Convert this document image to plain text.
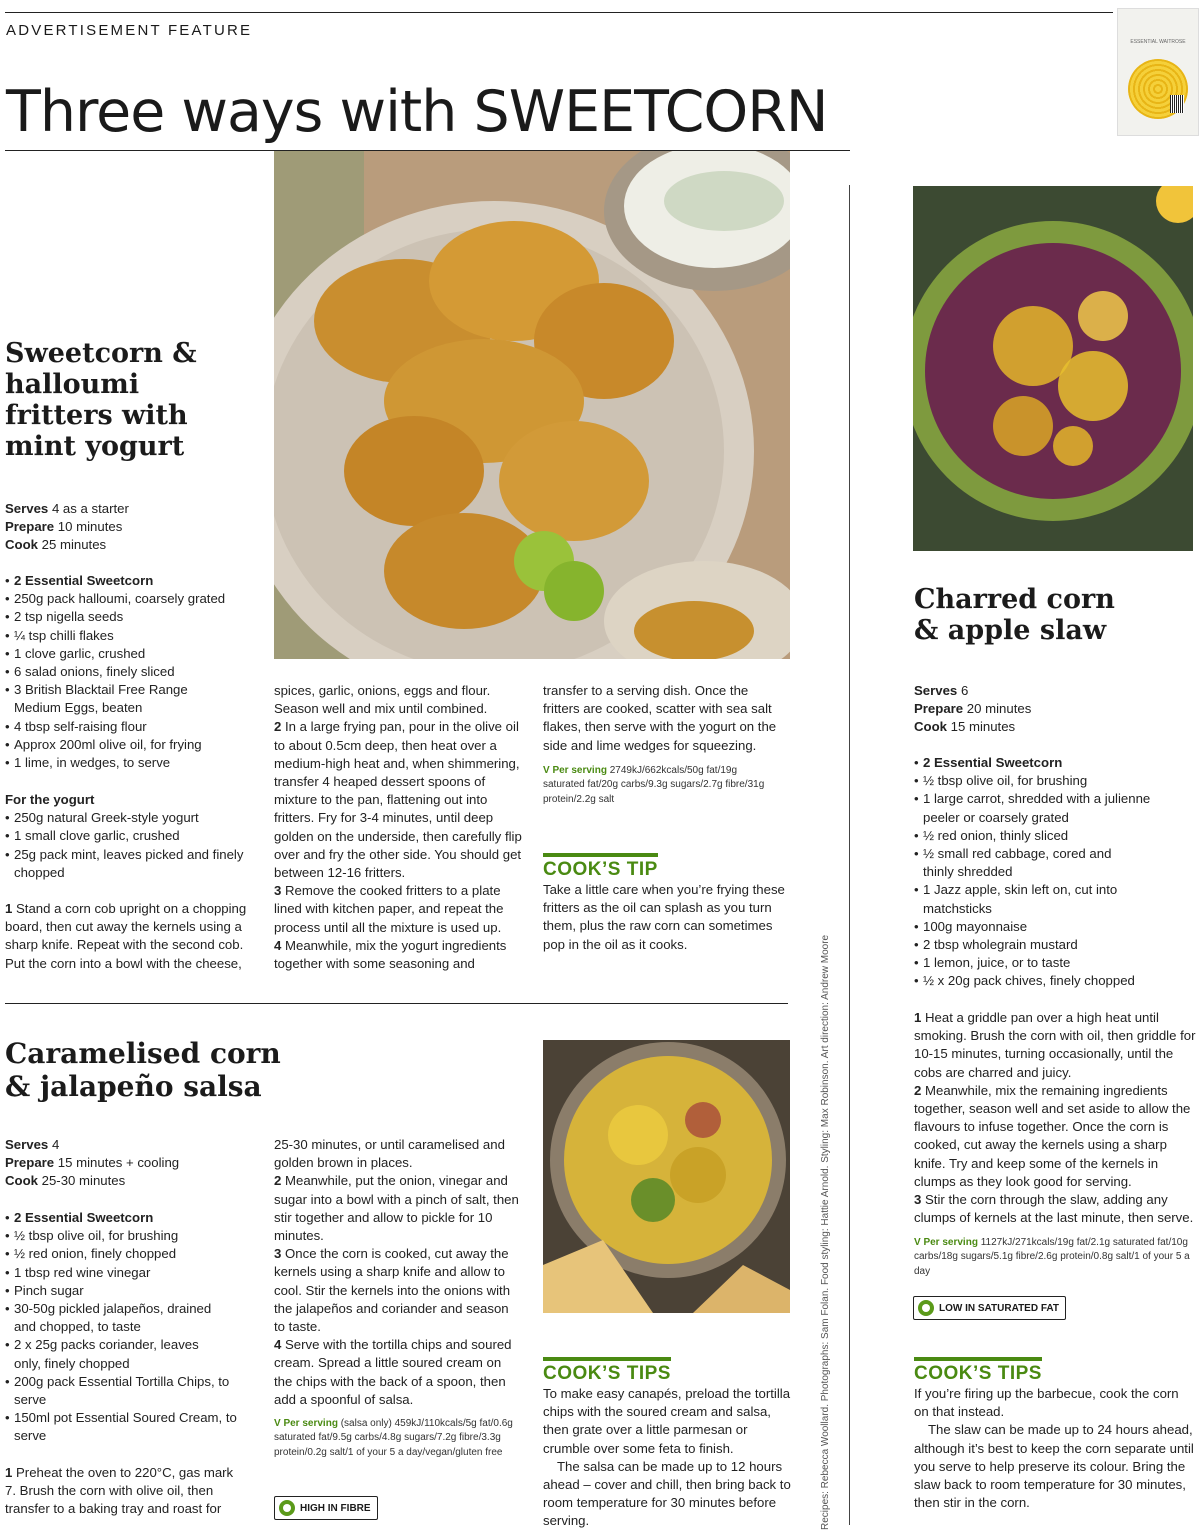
ADVERTISEMENT FEATURE
Three ways with SWEETCORN
ESSENTIAL WAITROSE
Sweetcorn & halloumi fritters with mint yogurt

Serves 4 as a starter

Prepare 10 minutes

Cook 25 minutes

• 2 Essential Sweetcorn
• 250g pack halloumi, coarsely grated
• 2 tsp nigella seeds
• ¼ tsp chilli flakes
• 1 clove garlic, crushed
• 6 salad onions, finely sliced
• 3 British Blacktail Free Range Medium Eggs, beaten
• 4 tbsp self-raising flour
• Approx 200ml olive oil, for frying
• 1 lime, in wedges, to serve

For the yogurt

• 250g natural Greek-style yogurt
• 1 small clove garlic, crushed
• 25g pack mint, leaves picked and finely chopped

1 Stand a corn cob upright on a chopping board, then cut away the kernels using a sharp knife. Repeat with the second cob. Put the corn into a bowl with the cheese,

spices, garlic, onions, eggs and flour. Season well and mix until combined.

2 In a large frying pan, pour in the olive oil to about 0.5cm deep, then heat over a medium-high heat and, when shimmering, transfer 4 heaped dessert spoons of mixture to the pan, flattening out into fritters. Fry for 3-4 minutes, until deep golden on the underside, then carefully flip over and fry the other side. You should get between 12-16 fritters.

3 Remove the cooked fritters to a plate lined with kitchen paper, and repeat the process until all the mixture is used up.

4 Meanwhile, mix the yogurt ingredients together with some seasoning and

transfer to a serving dish. Once the fritters are cooked, scatter with sea salt flakes, then serve with the yogurt on the side and lime wedges for squeezing.

V Per serving 2749kJ/662kcals/50g fat/19g saturated fat/20g carbs/9.3g sugars/2.7g fibre/31g protein/2.2g salt
COOK’S TIP
Take a little care when you’re frying these fritters as the oil can splash as you turn them, plus the raw corn can sometimes pop in the oil as it cooks.
Charred corn & apple slaw

Serves 6

Prepare 20 minutes

Cook 15 minutes

• 2 Essential Sweetcorn
• ½ tbsp olive oil, for brushing
• 1 large carrot, shredded with a julienne peeler or coarsely grated
• ½ red onion, thinly sliced
• ½ small red cabbage, cored and thinly shredded
• 1 Jazz apple, skin left on, cut into matchsticks
• 100g mayonnaise
• 2 tbsp wholegrain mustard
• 1 lemon, juice, or to taste
• ½ x 20g pack chives, finely chopped

1 Heat a griddle pan over a high heat until smoking. Brush the corn with oil, then griddle for 10-15 minutes, turning occasionally, until the cobs are charred and juicy.

2 Meanwhile, mix the remaining ingredients together, season well and set aside to allow the flavours to infuse together. Once the corn is cooked, cut away the kernels using a sharp knife. Try and keep some of the kernels in clumps as they look good for serving.

3 Stir the corn through the slaw, adding any clumps of kernels at the last minute, then serve.

V Per serving 1127kJ/271kcals/19g fat/2.1g saturated fat/10g carbs/18g sugars/5.1g fibre/2.6g protein/0.8g salt/1 of your 5 a day
LOW IN SATURATED FAT
COOK’S TIPS
If you’re firing up the barbecue, cook the corn on that instead.
The slaw can be made up to 24 hours ahead, although it’s best to keep the corn separate until you serve to help preserve its colour. Bring the slaw back to room temperature for 30 minutes, then stir in the corn.
Caramelised corn & jalapeño salsa

Serves 4

Prepare 15 minutes + cooling

Cook 25-30 minutes

• 2 Essential Sweetcorn
• ½ tbsp olive oil, for brushing
• ½ red onion, finely chopped
• 1 tbsp red wine vinegar
• Pinch sugar
• 30-50g pickled jalapeños, drained and chopped, to taste
• 2 x 25g packs coriander, leaves only, finely chopped
• 200g pack Essential Tortilla Chips, to serve
• 150ml pot Essential Soured Cream, to serve

1 Preheat the oven to 220°C, gas mark 7. Brush the corn with olive oil, then transfer to a baking tray and roast for

25-30 minutes, or until caramelised and golden brown in places.

2 Meanwhile, put the onion, vinegar and sugar into a bowl with a pinch of salt, then stir together and allow to pickle for 10 minutes.

3 Once the corn is cooked, cut away the kernels using a sharp knife and allow to cool. Stir the kernels into the onions with the jalapeños and coriander and season to taste.

4 Serve with the tortilla chips and soured cream. Spread a little soured cream on the chips with the back of a spoon, then add a spoonful of salsa.

V Per serving (salsa only) 459kJ/110kcals/5g fat/0.6g saturated fat/9.5g carbs/4.8g sugars/7.2g fibre/3.3g protein/0.2g salt/1 of your 5 a day/vegan/gluten free
HIGH IN FIBRE
COOK’S TIPS
To make easy canapés, preload the tortilla chips with the soured cream and salsa, then grate over a little parmesan or crumble over some feta to finish.
The salsa can be made up to 12 hours ahead – cover and chill, then bring back to room temperature for 30 minutes before serving.	Recipes: Rebecca Woollard. Photographs: Sam Folan. Food styling: Hattie Arnold. Styling: Max Robinson. Art direction: Andrew Moore
